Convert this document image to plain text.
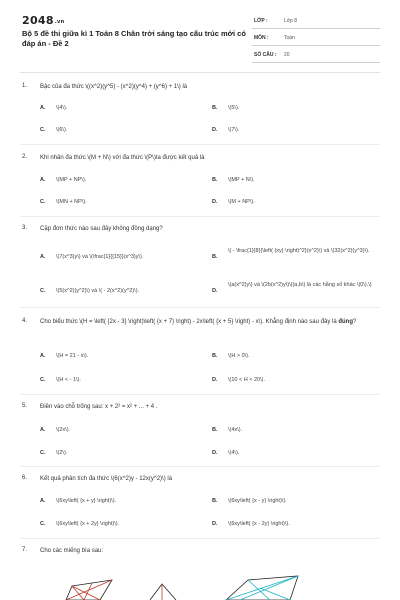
$2048^{.vn}$
Bộ 5 đề thi giữa kì 1 Toán 8 Chân trời sáng tạo cấu trúc mới có đáp án - Đề 2
LỚP :	Lớp 8
MÔN :	Toán
SỐ CÂU : 20
1. Bậc của đa thức \((x^2)(y^5) - (x^2)(y^4) + (y^6) + 1\) là
A. \(4\).	B. \(5\).
C. \(6\).	D. \(7\).
2. Khi nhân đa thức \(M + N\) với đa thức \(P\)ta được kết quả là
A. \(MP + NP\).	B. \(MP + N\).
C. \(MN + NP\).	D. \(M + NP\).
3. Cặp đơn thức nào sau đây không đồng dạng?
A. \(7(x^3)y\) và \(\frac{1}{{15}}(x^3)y\).	B.
\( - \frac{1}{8}{\left( {xy} \right)^2}(x^2)\) và \(32(x^2)(y^3)\).
C. \(5(x^2)(y^2)\) và \( - 2(x^2)(y^2)\).	D.
\(a(x^2)y\) và \(2b(x^2)y\)\((a,b\) là các hằng số khác \(0\).\)
4. Cho biểu thức \(H = \left( {2x - 3} \right)\left( {x + 7} \right) - 2x\left( {x + 5} \right) - x\). Khẳng định nào sau đây là đúng?
A. \(H = 21 - x\).	B. \(H > 0\).
C. \(H < - 1\).	D. \(10 < H < 20\).
5. Điền vào chỗ trống sau: x + 2² = x² + ... + 4 .
A. \(2x\).	B. \(4x\).
C. \(2\).	D. \(4\).
6. Kết quả phân tích đa thức \(6(x^2)y - 12x(y^2)\) là
A. \(6xy\left( {x + y} \right)\).	B. \(6xy\left( {x - y} \right)\).
C. \(6xy\left( {x + 2y} \right)\).	D. \(6xy\left( {x - 2y} \right)\).
7. Cho các miếng bìa sau:
